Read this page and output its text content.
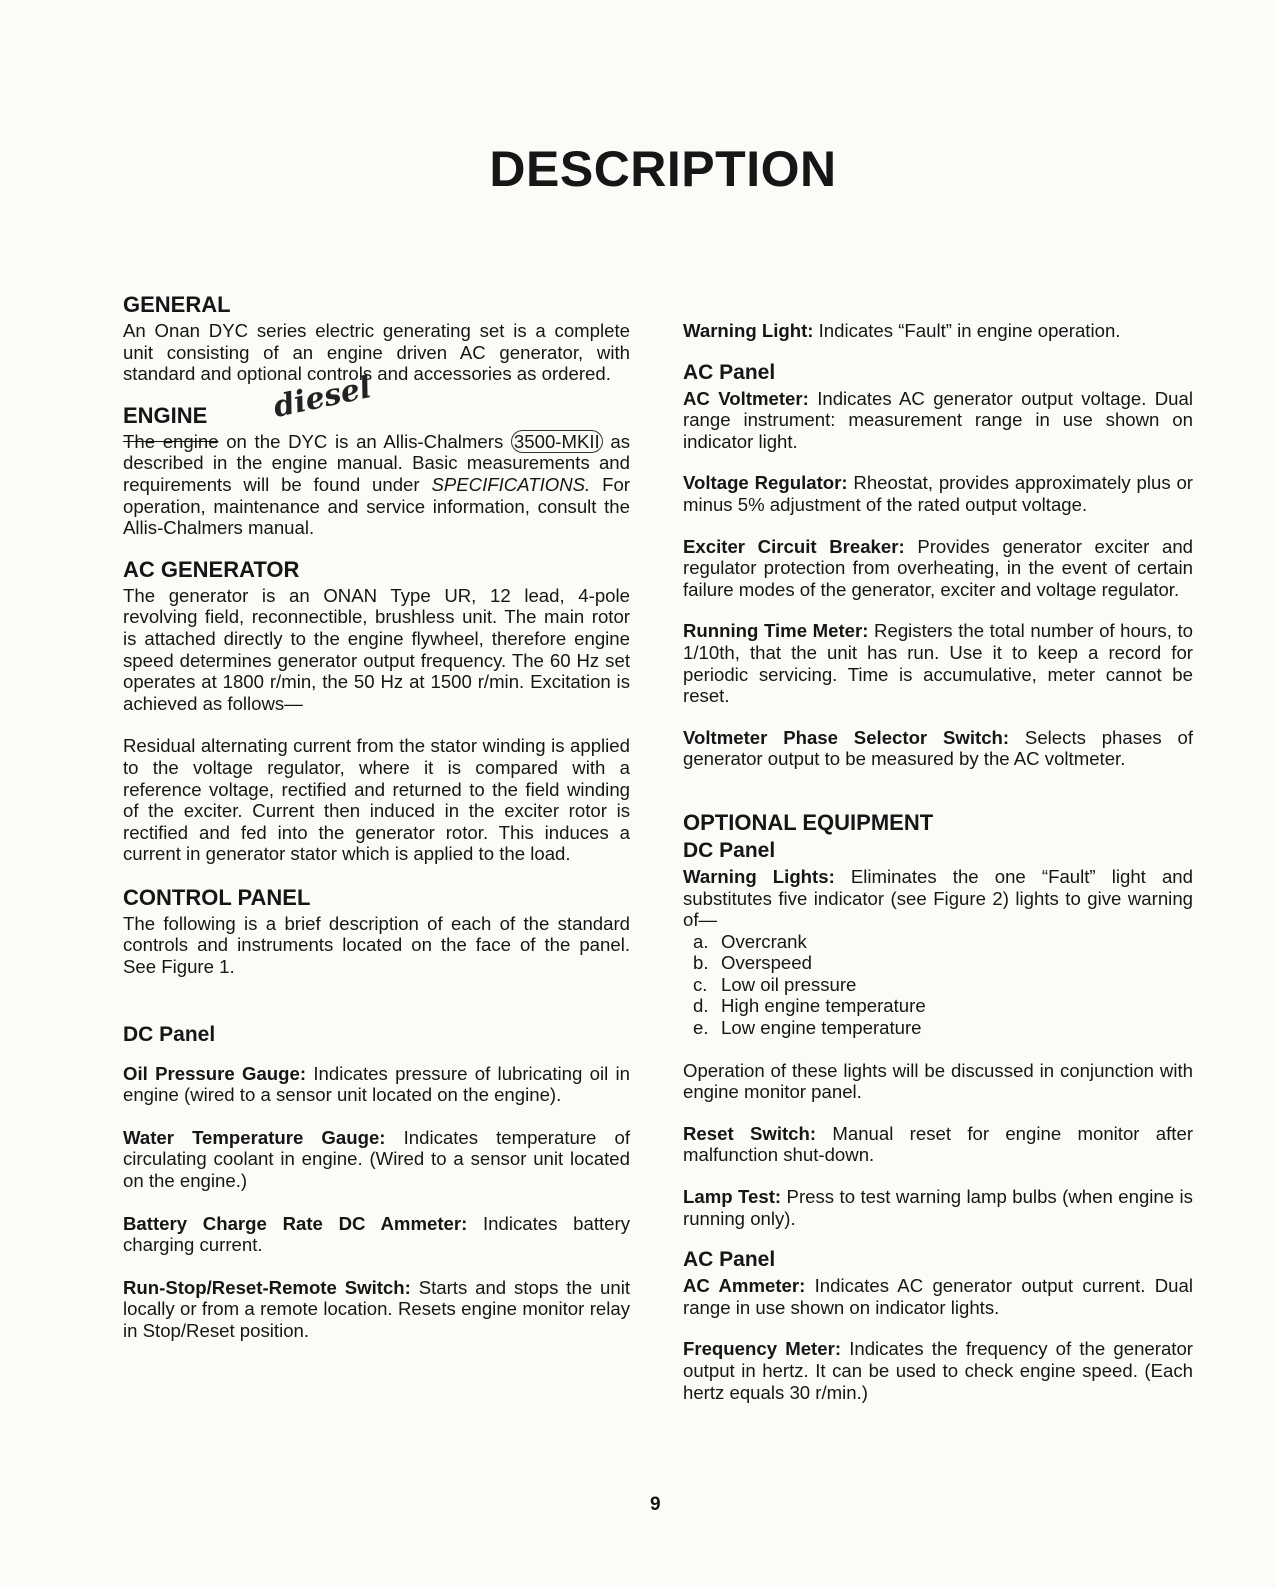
DESCRIPTION
GENERAL

An Onan DYC series electric generating set is a complete unit consisting of an engine driven AC generator, with standard and optional controls and accessories as ordered.

ENGINE diesel

The engine on the DYC is an Allis-Chalmers 3500-MKII as described in the engine manual. Basic measurements and requirements will be found under SPECIFICATIONS. For operation, maintenance and service information, consult the Allis-Chalmers manual.

AC GENERATOR

The generator is an ONAN Type UR, 12 lead, 4-pole revolving field, reconnectible, brushless unit. The main rotor is attached directly to the engine flywheel, therefore engine speed determines generator output frequency. The 60 Hz set operates at 1800 r/min, the 50 Hz at 1500 r/min. Excitation is achieved as follows—

Residual alternating current from the stator winding is applied to the voltage regulator, where it is compared with a reference voltage, rectified and returned to the field winding of the exciter. Current then induced in the exciter rotor is rectified and fed into the generator rotor. This induces a current in generator stator which is applied to the load.

CONTROL PANEL

The following is a brief description of each of the standard controls and instruments located on the face of the panel. See Figure 1.

DC Panel

Oil Pressure Gauge: Indicates pressure of lubricating oil in engine (wired to a sensor unit located on the engine).

Water Temperature Gauge: Indicates temperature of circulating coolant in engine. (Wired to a sensor unit located on the engine.)

Battery Charge Rate DC Ammeter: Indicates battery charging current.

Run-Stop/Reset-Remote Switch: Starts and stops the unit locally or from a remote location. Resets engine monitor relay in Stop/Reset position.

Warning Light: Indicates “Fault” in engine operation.

AC Panel

AC Voltmeter: Indicates AC generator output voltage. Dual range instrument: measurement range in use shown on indicator light.

Voltage Regulator: Rheostat, provides approximately plus or minus 5% adjustment of the rated output voltage.

Exciter Circuit Breaker: Provides generator exciter and regulator protection from overheating, in the event of certain failure modes of the generator, exciter and voltage regulator.

Running Time Meter: Registers the total number of hours, to 1/10th, that the unit has run. Use it to keep a record for periodic servicing. Time is accumulative, meter cannot be reset.

Voltmeter Phase Selector Switch: Selects phases of generator output to be measured by the AC voltmeter.

OPTIONAL EQUIPMENT
DC Panel

Warning Lights: Eliminates the one “Fault” light and substitutes five indicator (see Figure 2) lights to give warning of—

a. Overcrank
b. Overspeed
c. Low oil pressure
d. High engine temperature
e. Low engine temperature

Operation of these lights will be discussed in conjunction with engine monitor panel.

Reset Switch: Manual reset for engine monitor after malfunction shut-down.

Lamp Test: Press to test warning lamp bulbs (when engine is running only).

AC Panel

AC Ammeter: Indicates AC generator output current. Dual range in use shown on indicator lights.

Frequency Meter: Indicates the frequency of the generator output in hertz. It can be used to check engine speed. (Each hertz equals 30 r/min.)

9
